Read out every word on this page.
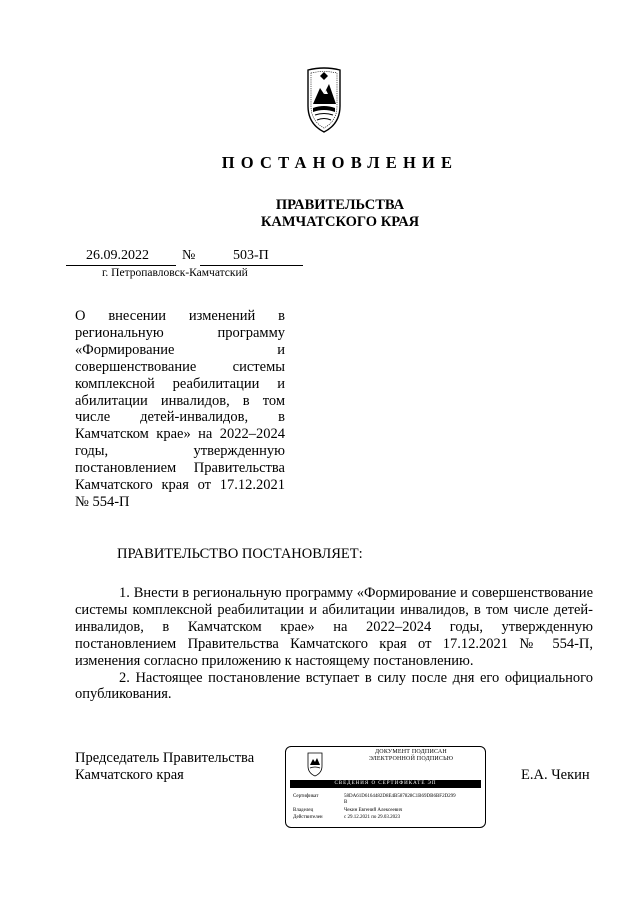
ПОСТАНОВЛЕНИЕ
ПРАВИТЕЛЬСТВА
КАМЧАТСКОГО КРАЯ
26.09.2022 №	503-П
г. Петропавловск-Камчатский
О внесении изменений в региональную программу «Формирование и совершенствование системы комплексной реабилитации и абилитации инвалидов, в том числе детей-инвалидов, в Камчатском крае» на 2022–2024 годы, утвержденную постановлением Правительства Камчатского края от 17.12.2021 № 554-П
ПРАВИТЕЛЬСТВО ПОСТАНОВЛЯЕТ:

1. Внести в региональную программу «Формирование и совершенствование системы комплексной реабилитации и абилитации инвалидов, в том числе детей-инвалидов, в Камчатском крае» на 2022–2024 годы, утвержденную постановлением Правительства Камчатского края от 17.12.2021 № 554-П, изменения согласно приложению к настоящему постановлению.

2. Настоящее постановление вступает в силу после дня его официального опубликования.

Председатель Правительства
Камчатского края
ДОКУМЕНТ ПОДПИСАН
ЭЛЕКТРОННОЙ ПОДПИСЬЮ
СВЕДЕНИЯ О СЕРТИФИКАТЕ ЭП
Сертификат	58DA61D6164482D8E4B587828C1B69DB6BF2D299
B
Владелец	Чекин Евгений Алексеевич
Действителен	с 29.12.2021 по 29.03.2023
Е.А. Чекин
